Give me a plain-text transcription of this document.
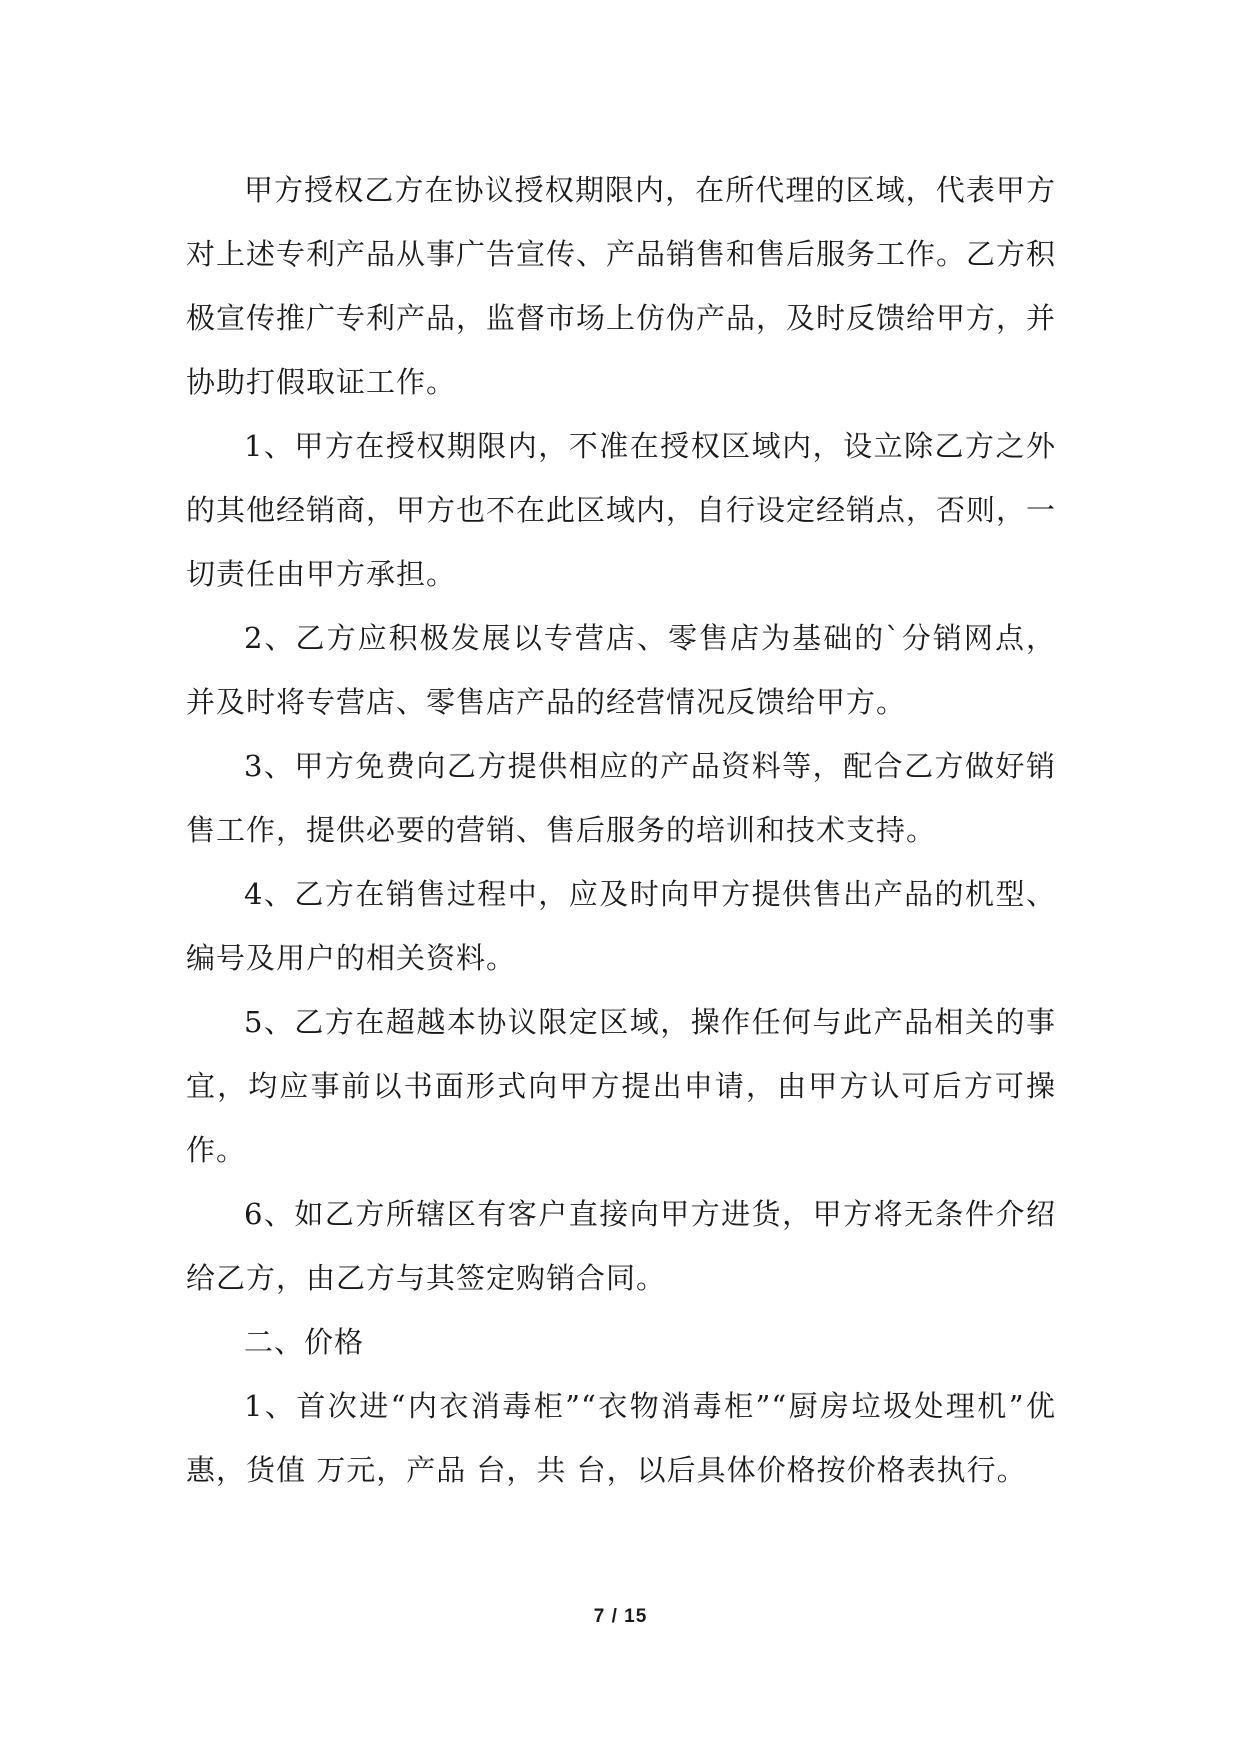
甲方授权乙方在协议授权期限内，在所代理的区域，代表甲方对上述专利产品从事广告宣传、产品销售和售后服务工作。乙方积极宣传推广专利产品，监督市场上仿伪产品，及时反馈给甲方，并协助打假取证工作。

1、甲方在授权期限内，不准在授权区域内，设立除乙方之外的其他经销商，甲方也不在此区域内，自行设定经销点，否则，一切责任由甲方承担。

2、乙方应积极发展以专营店、零售店为基础的`分销网点，并及时将专营店、零售店产品的经营情况反馈给甲方。

3、甲方免费向乙方提供相应的产品资料等，配合乙方做好销售工作，提供必要的营销、售后服务的培训和技术支持。

4、乙方在销售过程中，应及时向甲方提供售出产品的机型、编号及用户的相关资料。

5、乙方在超越本协议限定区域，操作任何与此产品相关的事宜，均应事前以书面形式向甲方提出申请，由甲方认可后方可操作。

6、如乙方所辖区有客户直接向甲方进货，甲方将无条件介绍给乙方，由乙方与其签定购销合同。

二、价格

1、首次进“内衣消毒柜”“衣物消毒柜”“厨房垃圾处理机”优惠，货值 万元，产品 台，共 台，以后具体价格按价格表执行。

7 / 15
